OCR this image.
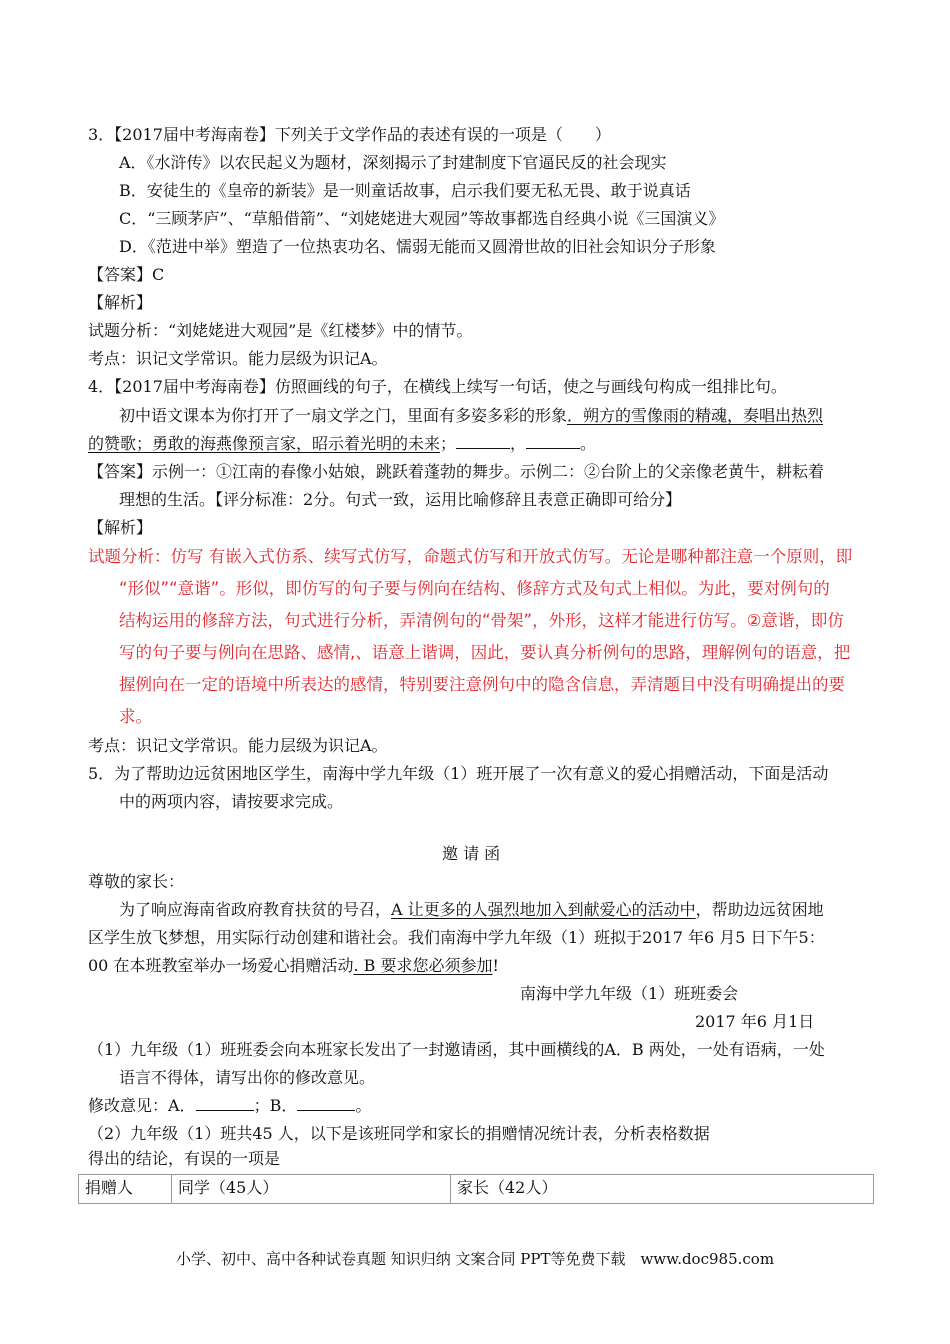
3．【2017届中考海南卷】下列关于文学作品的表述有误的一项是（　　）
A．《水浒传》以农民起义为题材，深刻揭示了封建制度下官逼民反的社会现实
B．安徒生的《皇帝的新装》是一则童话故事，启示我们要无私无畏、敢于说真话
C．“三顾茅庐”、“草船借箭”、“刘姥姥进大观园”等故事都选自经典小说《三国演义》
D．《范进中举》塑造了一位热衷功名、懦弱无能而又圆滑世故的旧社会知识分子形象
【答案】C
【解析】
试题分析：“刘姥姥进大观园”是《红楼梦》中的情节。
考点：识记文学常识。能力层级为识记A。
4．【2017届中考海南卷】仿照画线的句子，在横线上续写一句话，使之与画线句构成一组排比句。
初中语文课本为你打开了一扇文学之门，里面有多姿多彩的形象．朔方的雪像雨的精魂，奏唱出热烈
的赞歌；勇敢的海燕像预言家，昭示着光明的未来；	，	。
【答案】示例一：①江南的春像小姑娘，跳跃着蓬勃的舞步。示例二：②台阶上的父亲像老黄牛，耕耘着
理想的生活。【评分标准：2分。句式一致，运用比喻修辞且表意正确即可给分】
【解析】
试题分析：仿写 有嵌入式仿系、续写式仿写，命题式仿写和开放式仿写。无论是哪种都注意一个原则，即
“形似”“意谐”。形似，即仿写的句子要与例向在结构、修辞方式及句式上相似。为此，要对例句的
结构运用的修辞方法，句式进行分析，弄清例句的“骨架”，外形，这样才能进行仿写。②意谐，即仿
写的句子要与例向在思路、感情,、语意上谐调，因此，要认真分析例句的思路，理解例句的语意，把
握例向在一定的语境中所表达的感情，特别要注意例句中的隐含信息，弄清题目中没有明确提出的要
求。
考点：识记文学常识。能力层级为识记A。
5．为了帮助边远贫困地区学生，南海中学九年级（1）班开展了一次有意义的爱心捐赠活动，下面是活动
中的两项内容，请按要求完成。
邀 请 函
尊敬的家长：
为了响应海南省政府教育扶贫的号召，A 让更多的人强烈地加入到献爱心的活动中，帮助边远贫困地
区学生放飞梦想，用实际行动创建和谐社会。我们南海中学九年级（1）班拟于2017 年6 月5 日下午5：
00 在本班教室举办一场爱心捐赠活动. B 要求您必须参加!
南海中学九年级（1）班班委会
2017 年6 月1日
（1）九年级（1）班班委会向本班家长发出了一封邀请函，其中画横线的A．B 两处，一处有语病，一处
语言不得体，请写出你的修改意见。
修改意见：A．	；B．	。
（2）九年级（1）班共45 人，以下是该班同学和家长的捐赠情况统计表，分析表格数据
得出的结论，有误的一项是
捐赠人	同学（45人）	家长（42人）
小学、初中、高中各种试卷真题 知识归纳 文案合同 PPT等免费下载　www.doc985.com
